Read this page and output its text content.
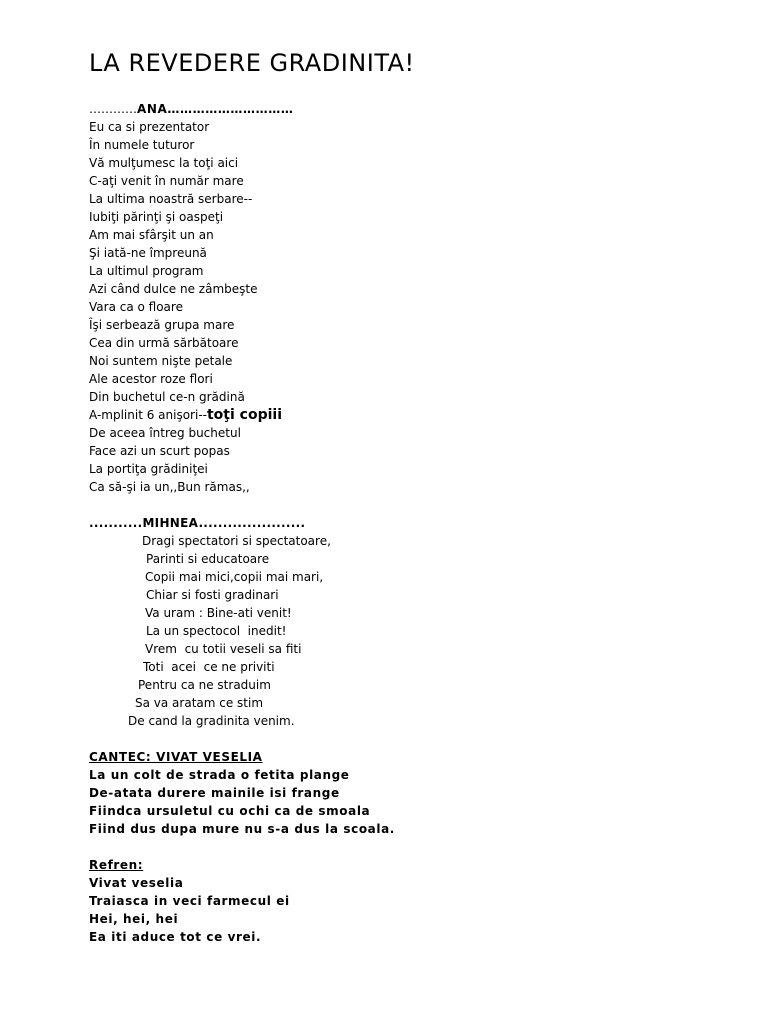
LA REVEDERE GRADINITA!
…………ANA…………………………
Eu ca si prezentator
În numele tuturor
Vă mulţumesc la toţi aici
C-aţi venit în număr mare
La ultima noastră serbare--
Iubiţi părinţi şi oaspeţi
Am mai sfârşit un an
Şi iată-ne împreună
La ultimul program
Azi când dulce ne zâmbeşte
Vara ca o floare
Îşi serbează grupa mare
Cea din urmă sărbătoare
Noi suntem nişte petale
Ale acestor roze flori
Din buchetul ce-n grădină
A-mplinit 6 anişori--toţi copiii
De aceea întreg buchetul
Face azi un scurt popas
La portiţa grădiniţei
Ca să-şi ia un,,Bun rămas,,
...........MIHNEA......................
Dragi spectatori si spectatoare,
Parinti si educatoare
Copii mai mici,copii mai mari,
Chiar si fosti gradinari
Va uram : Bine-ati venit!
La un spectocol  inedit!
Vrem  cu totii veseli sa fiti
Toti  acei  ce ne priviti
Pentru ca ne straduim
Sa va aratam ce stim
De cand la gradinita venim.
CANTEC: VIVAT VESELIA
La un colt de strada o fetita plange
De-atata durere mainile isi frange
Fiindca ursuletul cu ochi ca de smoala
Fiind dus dupa mure nu s-a dus la scoala.
Refren:
Vivat veselia
Traiasca in veci farmecul ei
Hei, hei, hei
Ea iti aduce tot ce vrei.
